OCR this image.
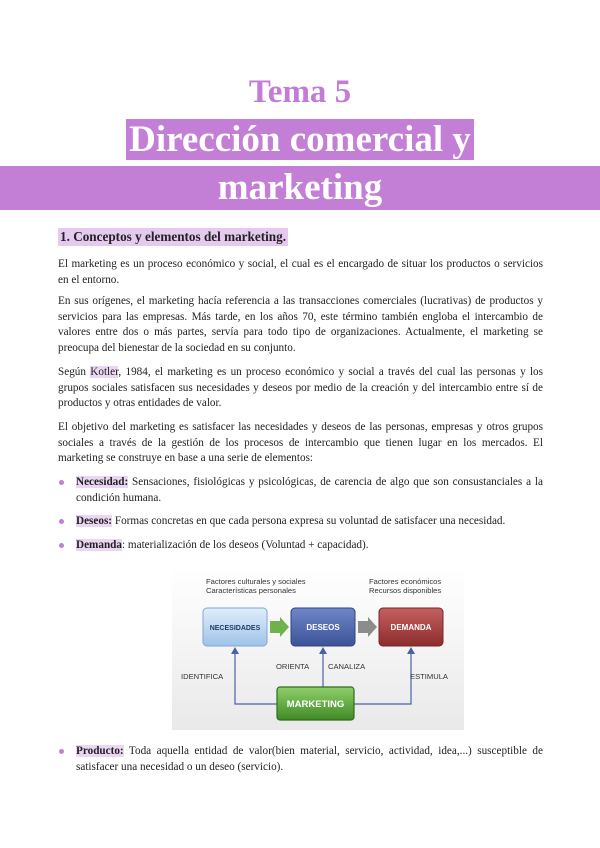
Tema 5
Dirección comercial y
marketing
1. Conceptos y elementos del marketing.
El marketing es un proceso económico y social, el cual es el encargado de situar los productos o servicios en el entorno.
En sus orígenes, el marketing hacía referencia a las transacciones comerciales (lucrativas) de productos y servicios para las empresas. Más tarde, en los años 70, este término también engloba el intercambio de valores entre dos o más partes, servía para todo tipo de organizaciones. Actualmente, el marketing se preocupa del bienestar de la sociedad en su conjunto.
Según Kotler, 1984, el marketing es un proceso económico y social a través del cual las personas y los grupos sociales satisfacen sus necesidades y deseos por medio de la creación y del intercambio entre sí de productos y otras entidades de valor.
El objetivo del marketing es satisfacer las necesidades y deseos de las personas, empresas y otros grupos sociales a través de la gestión de los procesos de intercambio que tienen lugar en los mercados. El marketing se construye en base a una serie de elementos:
Necesidad: Sensaciones, fisiológicas y psicológicas, de carencia de algo que son consustanciales a la condición humana.
Deseos: Formas concretas en que cada persona expresa su voluntad de satisfacer una necesidad.
Demanda: materialización de los deseos (Voluntad + capacidad).
Factores culturales y sociales
Características personales
Factores económicos
Recursos disponibles
NECESIDADES	DESEOS	DEMANDA
IDENTIFICA
ORIENTA CANALIZA
ESTIMULA
MARKETING
Producto: Toda aquella entidad de valor(bien material, servicio, actividad, idea,...) susceptible de satisfacer una necesidad o un deseo (servicio).
